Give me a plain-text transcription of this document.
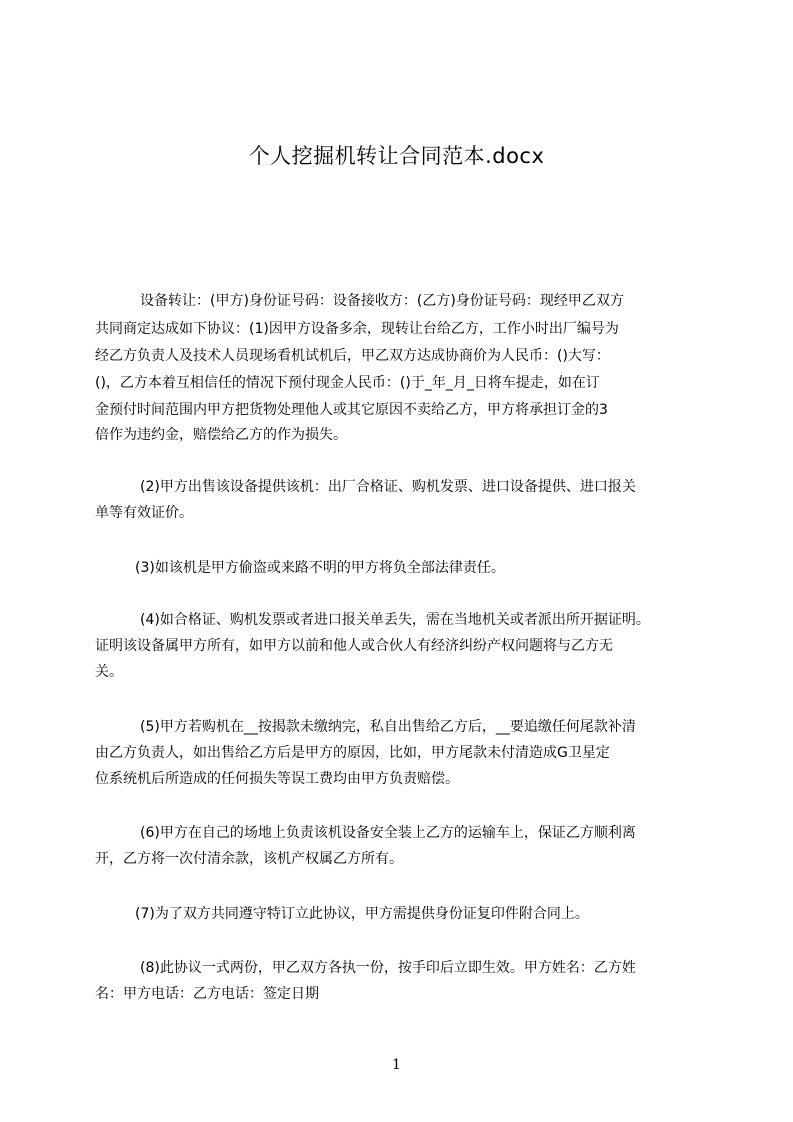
个人挖掘机转让合同范本.docx
设备转让：(甲方)身份证号码：设备接收方：(乙方)身份证号码：现经甲乙双方
共同商定达成如下协议：(1)因甲方设备多余，现转让台给乙方，工作小时出厂编号为
经乙方负责人及技术人员现场看机试机后，甲乙双方达成协商价为人民币：()大写：
()，乙方本着互相信任的情况下预付现金人民币：()于_年_月_日将车提走，如在订
金预付时间范围内甲方把货物处理他人或其它原因不卖给乙方，甲方将承担订金的3
倍作为违约金，赔偿给乙方的作为损失。
(2)甲方出售该设备提供该机：出厂合格证、购机发票、进口设备提供、进口报关
单等有效证价。
(3)如该机是甲方偷盗或来路不明的甲方将负全部法律责任。
(4)如合格证、购机发票或者进口报关单丢失，需在当地机关或者派出所开据证明。
证明该设备属甲方所有，如甲方以前和他人或合伙人有经济纠纷产权问题将与乙方无
关。
(5)甲方若购机在__按揭款未缴纳完，私自出售给乙方后，__要追缴任何尾款补清
由乙方负责人，如出售给乙方后是甲方的原因，比如，甲方尾款未付清造成G卫星定
位系统机后所造成的任何损失等误工费均由甲方负责赔偿。
(6)甲方在自己的场地上负责该机设备安全装上乙方的运输车上，保证乙方顺利离
开，乙方将一次付清余款，该机产权属乙方所有。
(7)为了双方共同遵守特订立此协议，甲方需提供身份证复印件附合同上。
(8)此协议一式两份，甲乙双方各执一份，按手印后立即生效。甲方姓名：乙方姓
名：甲方电话：乙方电话：签定日期
1
